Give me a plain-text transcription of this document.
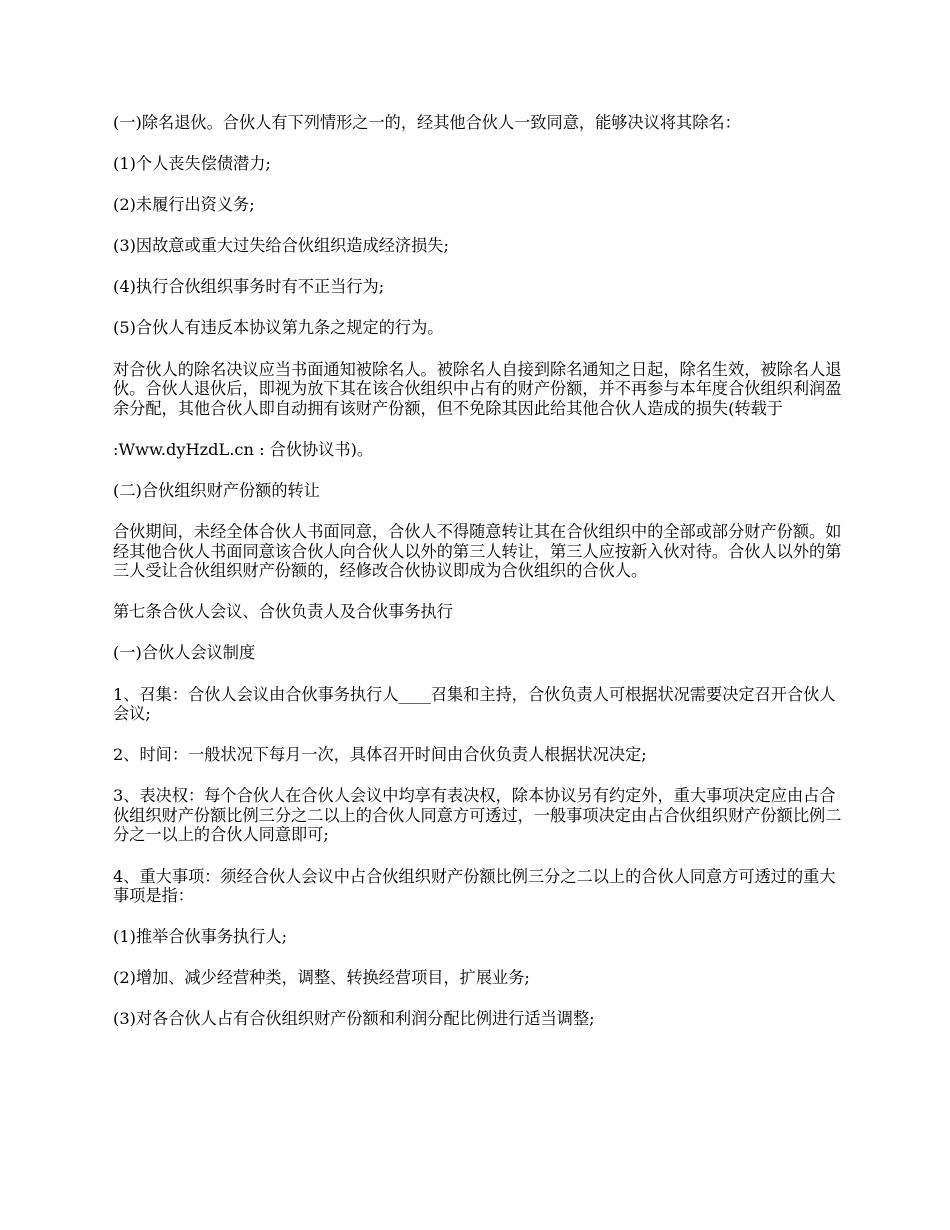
(一)除名退伙。合伙人有下列情形之一的，经其他合伙人一致同意，能够决议将其除名：

(1)个人丧失偿债潜力;

(2)未履行出资义务;

(3)因故意或重大过失给合伙组织造成经济损失;

(4)执行合伙组织事务时有不正当行为;

(5)合伙人有违反本协议第九条之规定的行为。

对合伙人的除名决议应当书面通知被除名人。被除名人自接到除名通知之日起，除名生效，被除名人退伙。合伙人退伙后，即视为放下其在该合伙组织中占有的财产份额，并不再参与本年度合伙组织利润盈余分配，其他合伙人即自动拥有该财产份额，但不免除其因此给其他合伙人造成的损失(转载于

:Www.dyHzdL.cn : 合伙协议书)。

(二)合伙组织财产份额的转让

合伙期间，未经全体合伙人书面同意，合伙人不得随意转让其在合伙组织中的全部或部分财产份额。如经其他合伙人书面同意该合伙人向合伙人以外的第三人转让，第三人应按新入伙对待。合伙人以外的第三人受让合伙组织财产份额的，经修改合伙协议即成为合伙组织的合伙人。

第七条合伙人会议、合伙负责人及合伙事务执行

(一)合伙人会议制度

1、召集：合伙人会议由合伙事务执行人____召集和主持，合伙负责人可根据状况需要决定召开合伙人会议;

2、时间：一般状况下每月一次，具体召开时间由合伙负责人根据状况决定;

3、表决权：每个合伙人在合伙人会议中均享有表决权，除本协议另有约定外，重大事项决定应由占合伙组织财产份额比例三分之二以上的合伙人同意方可透过，一般事项决定由占合伙组织财产份额比例二分之一以上的合伙人同意即可;

4、重大事项：须经合伙人会议中占合伙组织财产份额比例三分之二以上的合伙人同意方可透过的重大事项是指：

(1)推举合伙事务执行人;

(2)增加、减少经营种类，调整、转换经营项目，扩展业务;

(3)对各合伙人占有合伙组织财产份额和利润分配比例进行适当调整;
